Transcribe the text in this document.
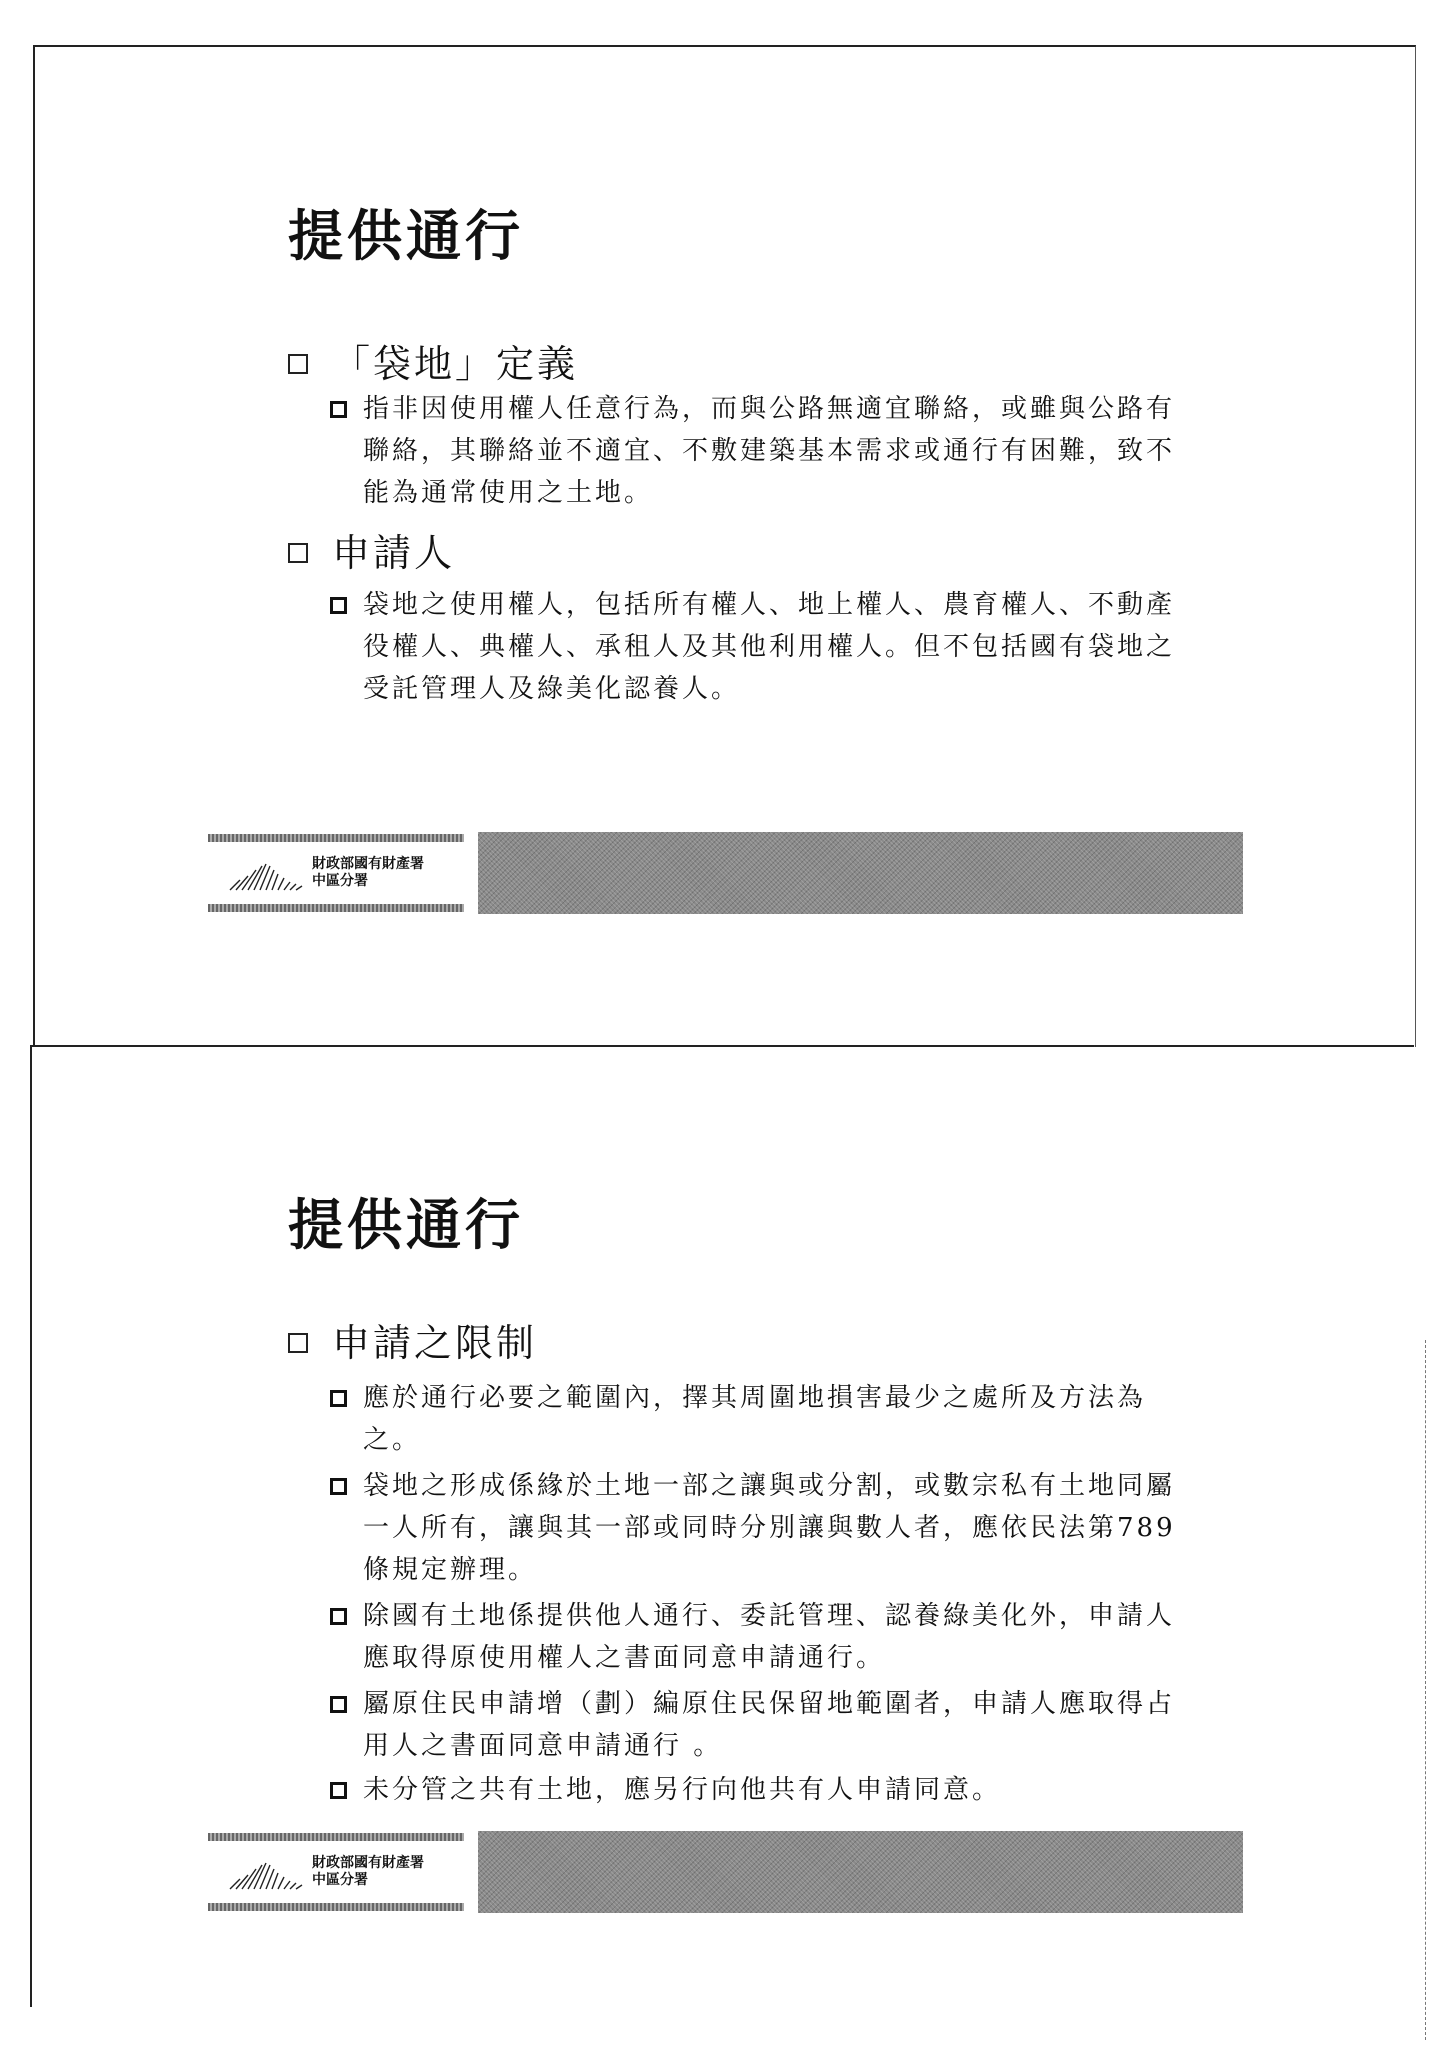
提供通行
「袋地」定義
指非因使用權人任意行為，而與公路無適宜聯絡，或雖與公路有聯絡，其聯絡並不適宜、不敷建築基本需求或通行有困難，致不能為通常使用之土地。
申請人
袋地之使用權人，包括所有權人、地上權人、農育權人、不動產役權人、典權人、承租人及其他利用權人。但不包括國有袋地之受託管理人及綠美化認養人。
財政部國有財產署
中區分署
提供通行
申請之限制
應於通行必要之範圍內，擇其周圍地損害最少之處所及方法為之。
袋地之形成係緣於土地一部之讓與或分割，或數宗私有土地同屬一人所有，讓與其一部或同時分別讓與數人者，應依民法第789條規定辦理。
除國有土地係提供他人通行、委託管理、認養綠美化外，申請人應取得原使用權人之書面同意申請通行。
屬原住民申請增（劃）編原住民保留地範圍者，申請人應取得占用人之書面同意申請通行 。
未分管之共有土地，應另行向他共有人申請同意。
財政部國有財產署
中區分署
